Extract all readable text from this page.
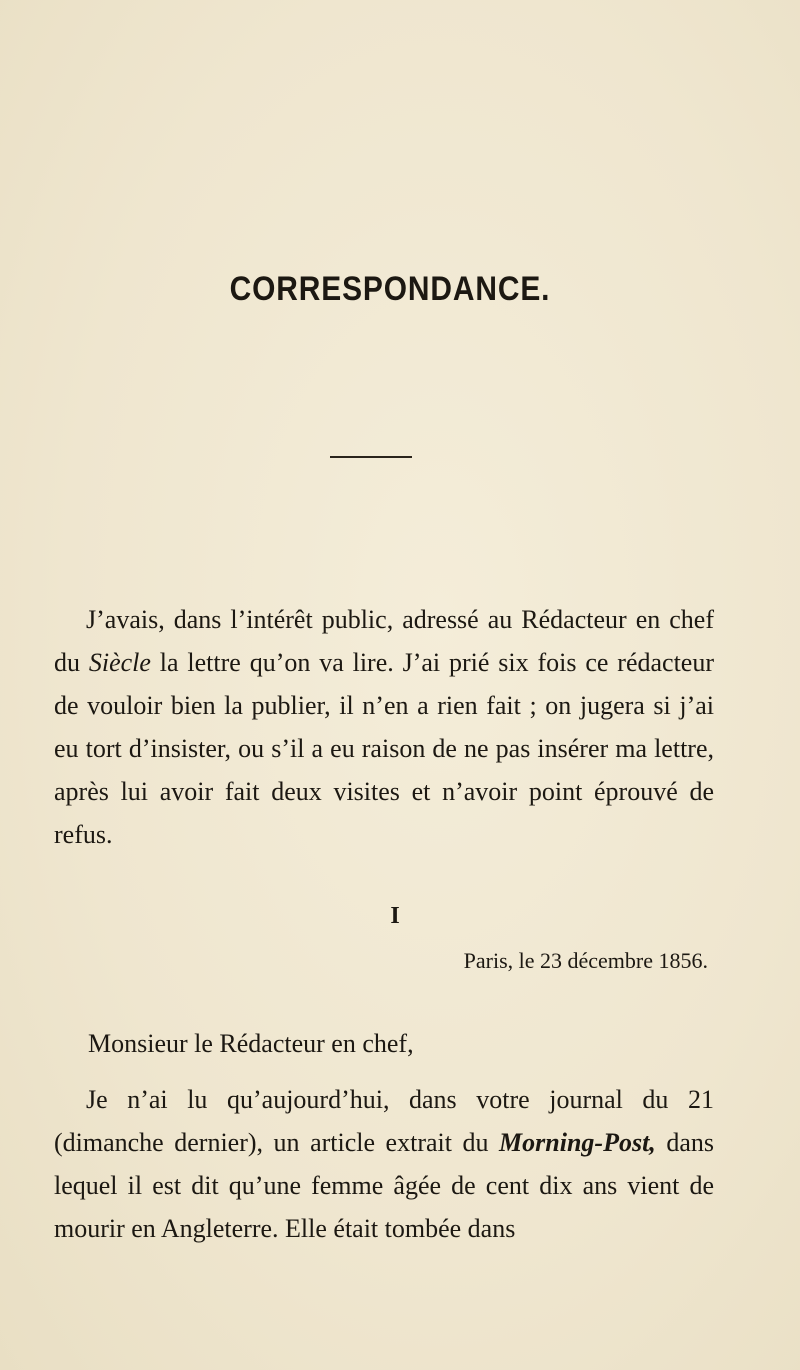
CORRESPONDANCE.

J’avais, dans l’intérêt public, adressé au Rédacteur en chef du Siècle la lettre qu’on va lire. J’ai prié six fois ce rédacteur de vouloir bien la publier, il n’en a rien fait ; on jugera si j’ai eu tort d’insister, ou s’il a eu raison de ne pas insérer ma lettre, après lui avoir fait deux visites et n’avoir point éprouvé de refus.

I
Paris, le 23 décembre 1856.
Monsieur le Rédacteur en chef,

Je n’ai lu qu’aujourd’hui, dans votre journal du 21 (dimanche dernier), un article extrait du Morning-Post, dans lequel il est dit qu’une femme âgée de cent dix ans vient de mourir en Angleterre. Elle était tombée dans
